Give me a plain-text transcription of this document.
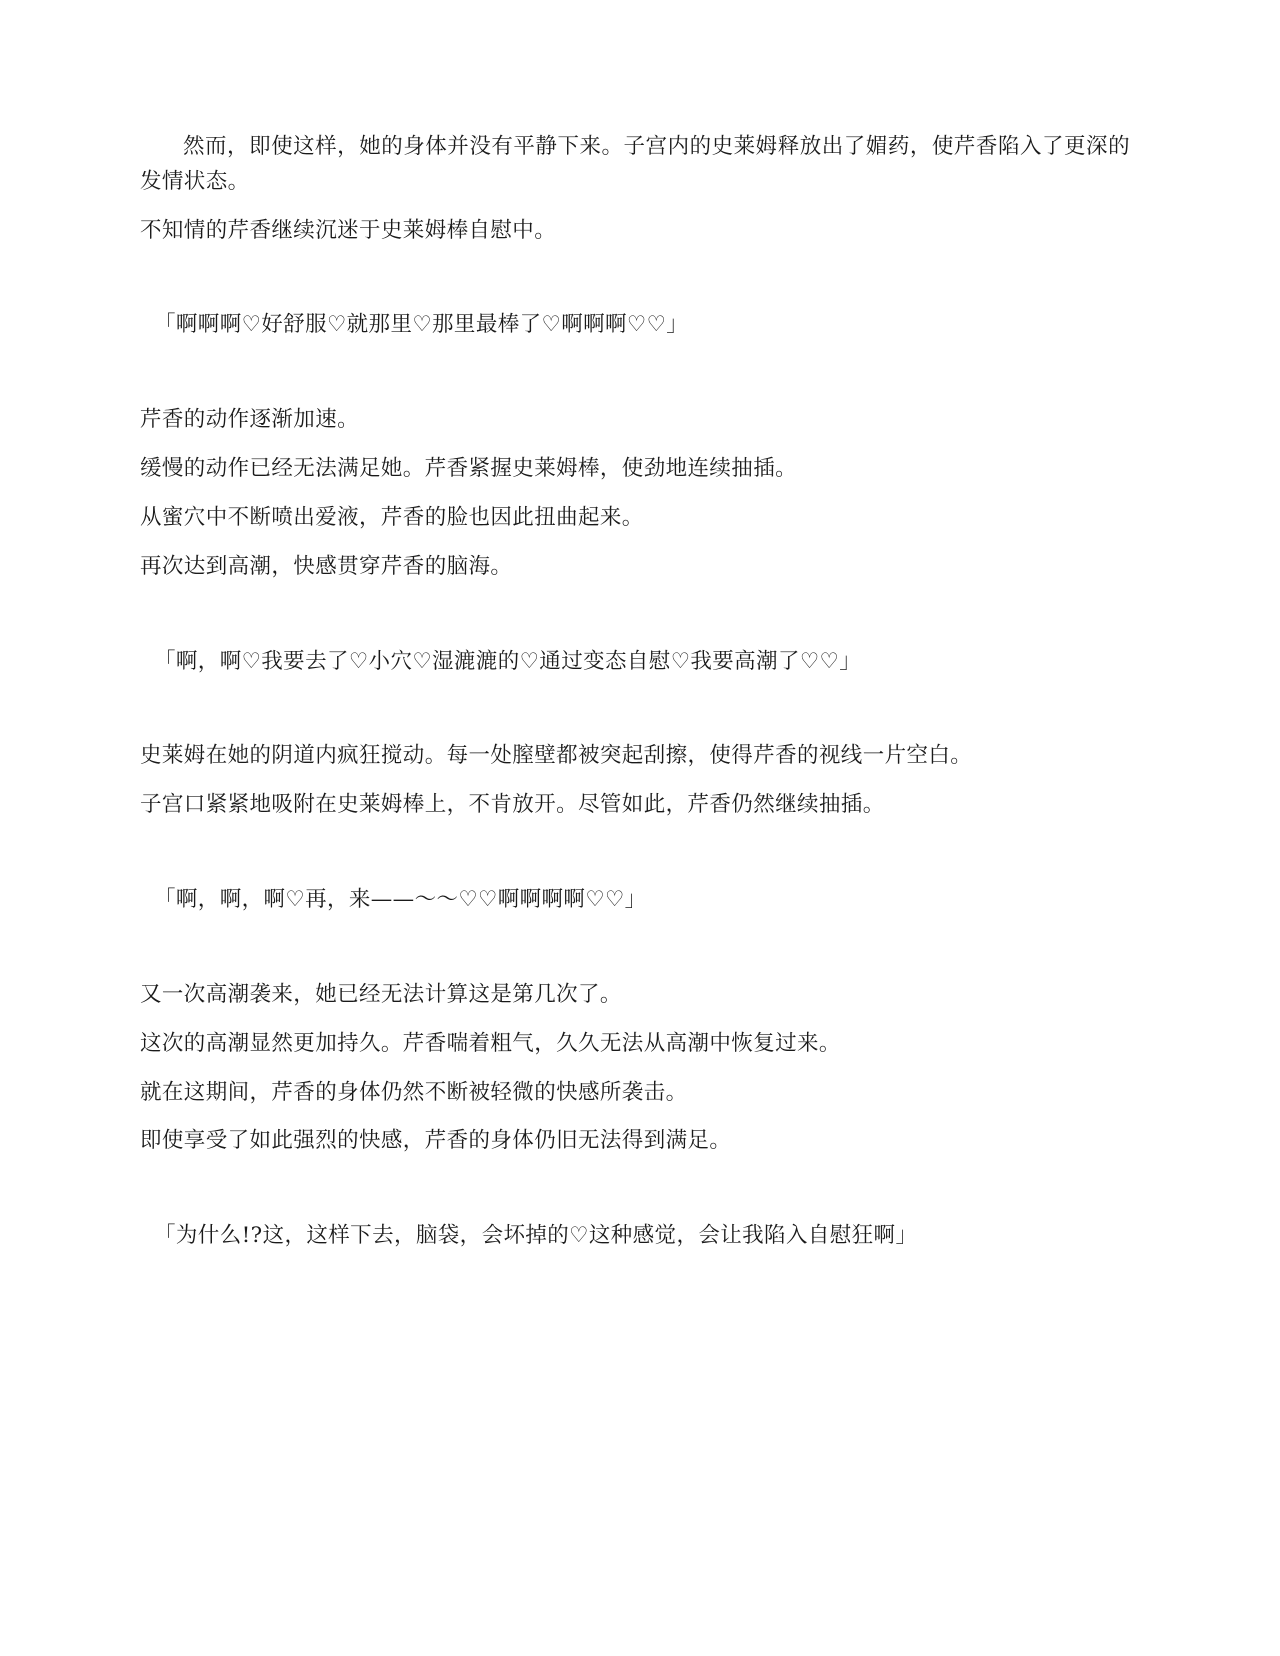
然而，即使这样，她的身体并没有平静下来。子宫内的史莱姆释放出了媚药，使芹香陷入了更深的发情状态。

不知情的芹香继续沉迷于史莱姆棒自慰中。

「啊啊啊♡好舒服♡就那里♡那里最棒了♡啊啊啊♡♡」

芹香的动作逐渐加速。

缓慢的动作已经无法满足她。芹香紧握史莱姆棒，使劲地连续抽插。

从蜜穴中不断喷出爱液，芹香的脸也因此扭曲起来。

再次达到高潮，快感贯穿芹香的脑海。

「啊，啊♡我要去了♡小穴♡湿漉漉的♡通过变态自慰♡我要高潮了♡♡」

史莱姆在她的阴道内疯狂搅动。每一处膣壁都被突起刮擦，使得芹香的视线一片空白。

子宫口紧紧地吸附在史莱姆棒上，不肯放开。尽管如此，芹香仍然继续抽插。

「啊，啊，啊♡再，来——～～♡♡啊啊啊啊♡♡」

又一次高潮袭来，她已经无法计算这是第几次了。

这次的高潮显然更加持久。芹香喘着粗气，久久无法从高潮中恢复过来。

就在这期间，芹香的身体仍然不断被轻微的快感所袭击。

即使享受了如此强烈的快感，芹香的身体仍旧无法得到满足。

「为什么!?这，这样下去，脑袋，会坏掉的♡这种感觉，会让我陷入自慰狂啊」
